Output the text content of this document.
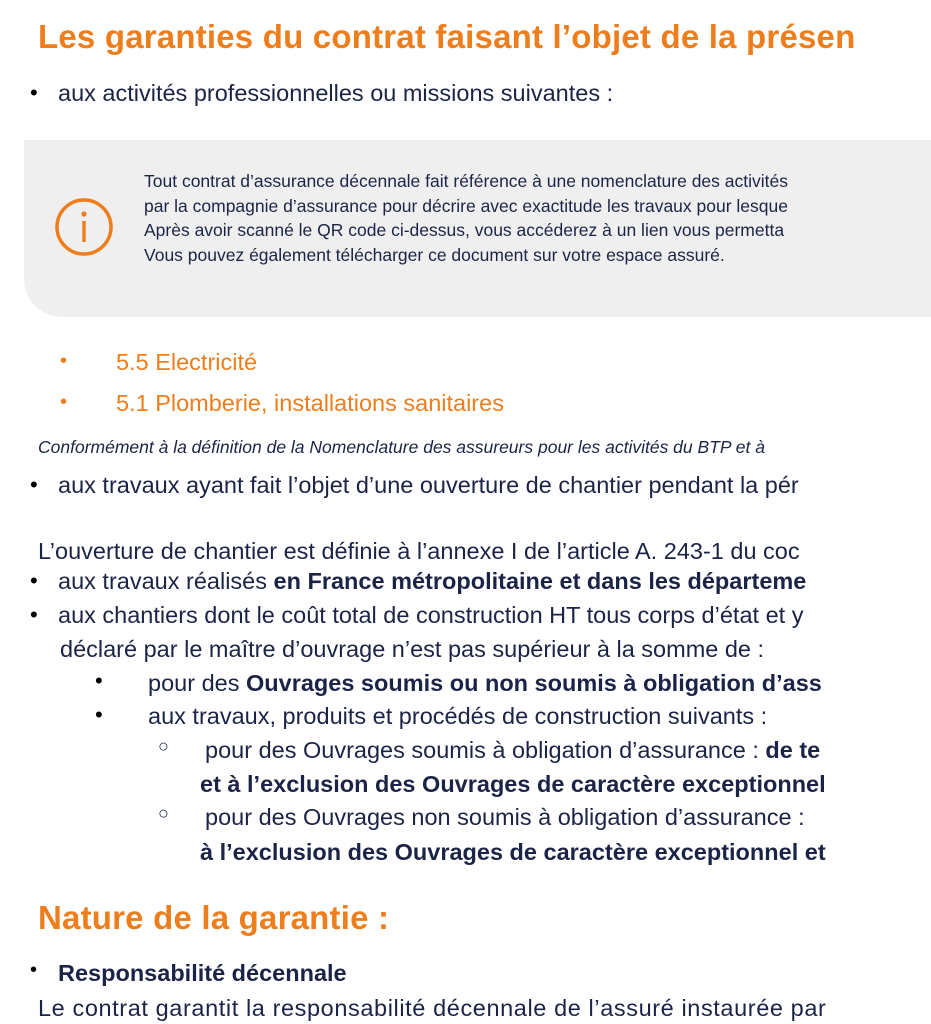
Les garanties du contrat faisant l’objet de la présen
• aux activités professionnelles ou missions suivantes :
Tout contrat d’assurance décennale fait référence à une nomenclature des activités
par la compagnie d’assurance pour décrire avec exactitude les travaux pour lesque
Après avoir scanné le QR code ci-dessus, vous accéderez à un lien vous permetta
Vous pouvez également télécharger ce document sur votre espace assuré.
• 5.5 Electricité
• 5.1 Plomberie, installations sanitaires
Conformément à la définition de la Nomenclature des assureurs pour les activités du BTP et à
• aux travaux ayant fait l’objet d’une ouverture de chantier pendant la pér
L’ouverture de chantier est définie à l’annexe I de l’article A. 243-1 du coc
• aux travaux réalisés en France métropolitaine et dans les départeme
• aux chantiers dont le coût total de construction HT tous corps d’état et y
déclaré par le maître d’ouvrage n’est pas supérieur à la somme de :
• pour des Ouvrages soumis ou non soumis à obligation d’ass
• aux travaux, produits et procédés de construction suivants :
○ pour des Ouvrages soumis à obligation d’assurance : de te
et à l’exclusion des Ouvrages de caractère exceptionnel
○ pour des Ouvrages non soumis à obligation d’assurance :
à l’exclusion des Ouvrages de caractère exceptionnel et
Nature de la garantie :
• Responsabilité décennale
Le contrat garantit la responsabilité décennale de l’assuré instaurée par
